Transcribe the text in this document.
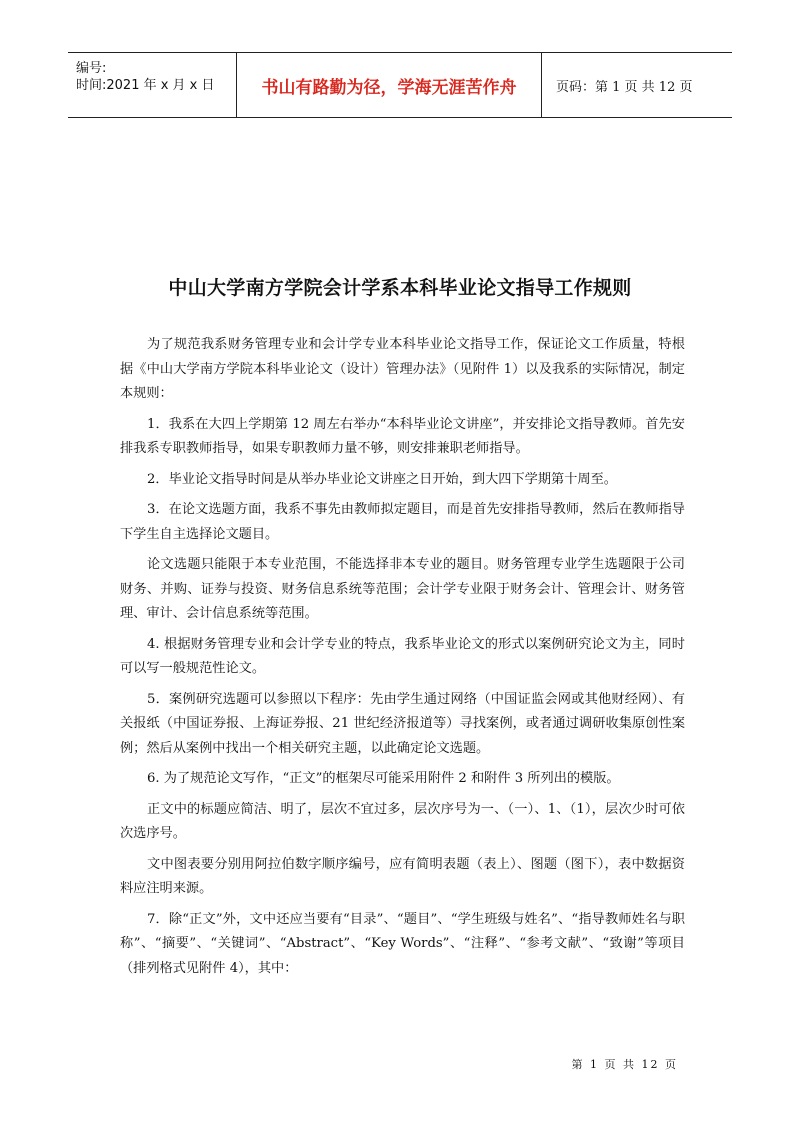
编号:
时间:2021 年 x 月 x 日	书山有路勤为径，学海无涯苦作舟	页码：第 1 页 共 12 页
中山大学南方学院会计学系本科毕业论文指导工作规则

为了规范我系财务管理专业和会计学专业本科毕业论文指导工作，保证论文工作质量，特根据《中山大学南方学院本科毕业论文（设计）管理办法》（见附件 1）以及我系的实际情况，制定本规则：

1．我系在大四上学期第 12 周左右举办“本科毕业论文讲座”，并安排论文指导教师。首先安排我系专职教师指导，如果专职教师力量不够，则安排兼职老师指导。

2．毕业论文指导时间是从举办毕业论文讲座之日开始，到大四下学期第十周至。

3．在论文选题方面，我系不事先由教师拟定题目，而是首先安排指导教师，然后在教师指导下学生自主选择论文题目。

论文选题只能限于本专业范围，不能选择非本专业的题目。财务管理专业学生选题限于公司财务、并购、证券与投资、财务信息系统等范围；会计学专业限于财务会计、管理会计、财务管理、审计、会计信息系统等范围。

4. 根据财务管理专业和会计学专业的特点，我系毕业论文的形式以案例研究论文为主，同时可以写一般规范性论文。

5．案例研究选题可以参照以下程序：先由学生通过网络（中国证监会网或其他财经网）、有关报纸（中国证券报、上海证券报、21 世纪经济报道等）寻找案例，或者通过调研收集原创性案例；然后从案例中找出一个相关研究主题，以此确定论文选题。

6. 为了规范论文写作，“正文”的框架尽可能采用附件 2 和附件 3 所列出的模版。

正文中的标题应简洁、明了，层次不宜过多，层次序号为一、（一）、1、（1），层次少时可依次选序号。

文中图表要分别用阿拉伯数字顺序编号，应有简明表题（表上）、图题（图下），表中数据资料应注明来源。

7．除“正文”外，文中还应当要有“目录”、“题目”、“学生班级与姓名”、“指导教师姓名与职称”、“摘要”、“关键词”、“Abstract”、“Key Words”、“注释”、“参考文献”、“致谢”等项目（排列格式见附件 4），其中：

第 1 页 共 12 页
